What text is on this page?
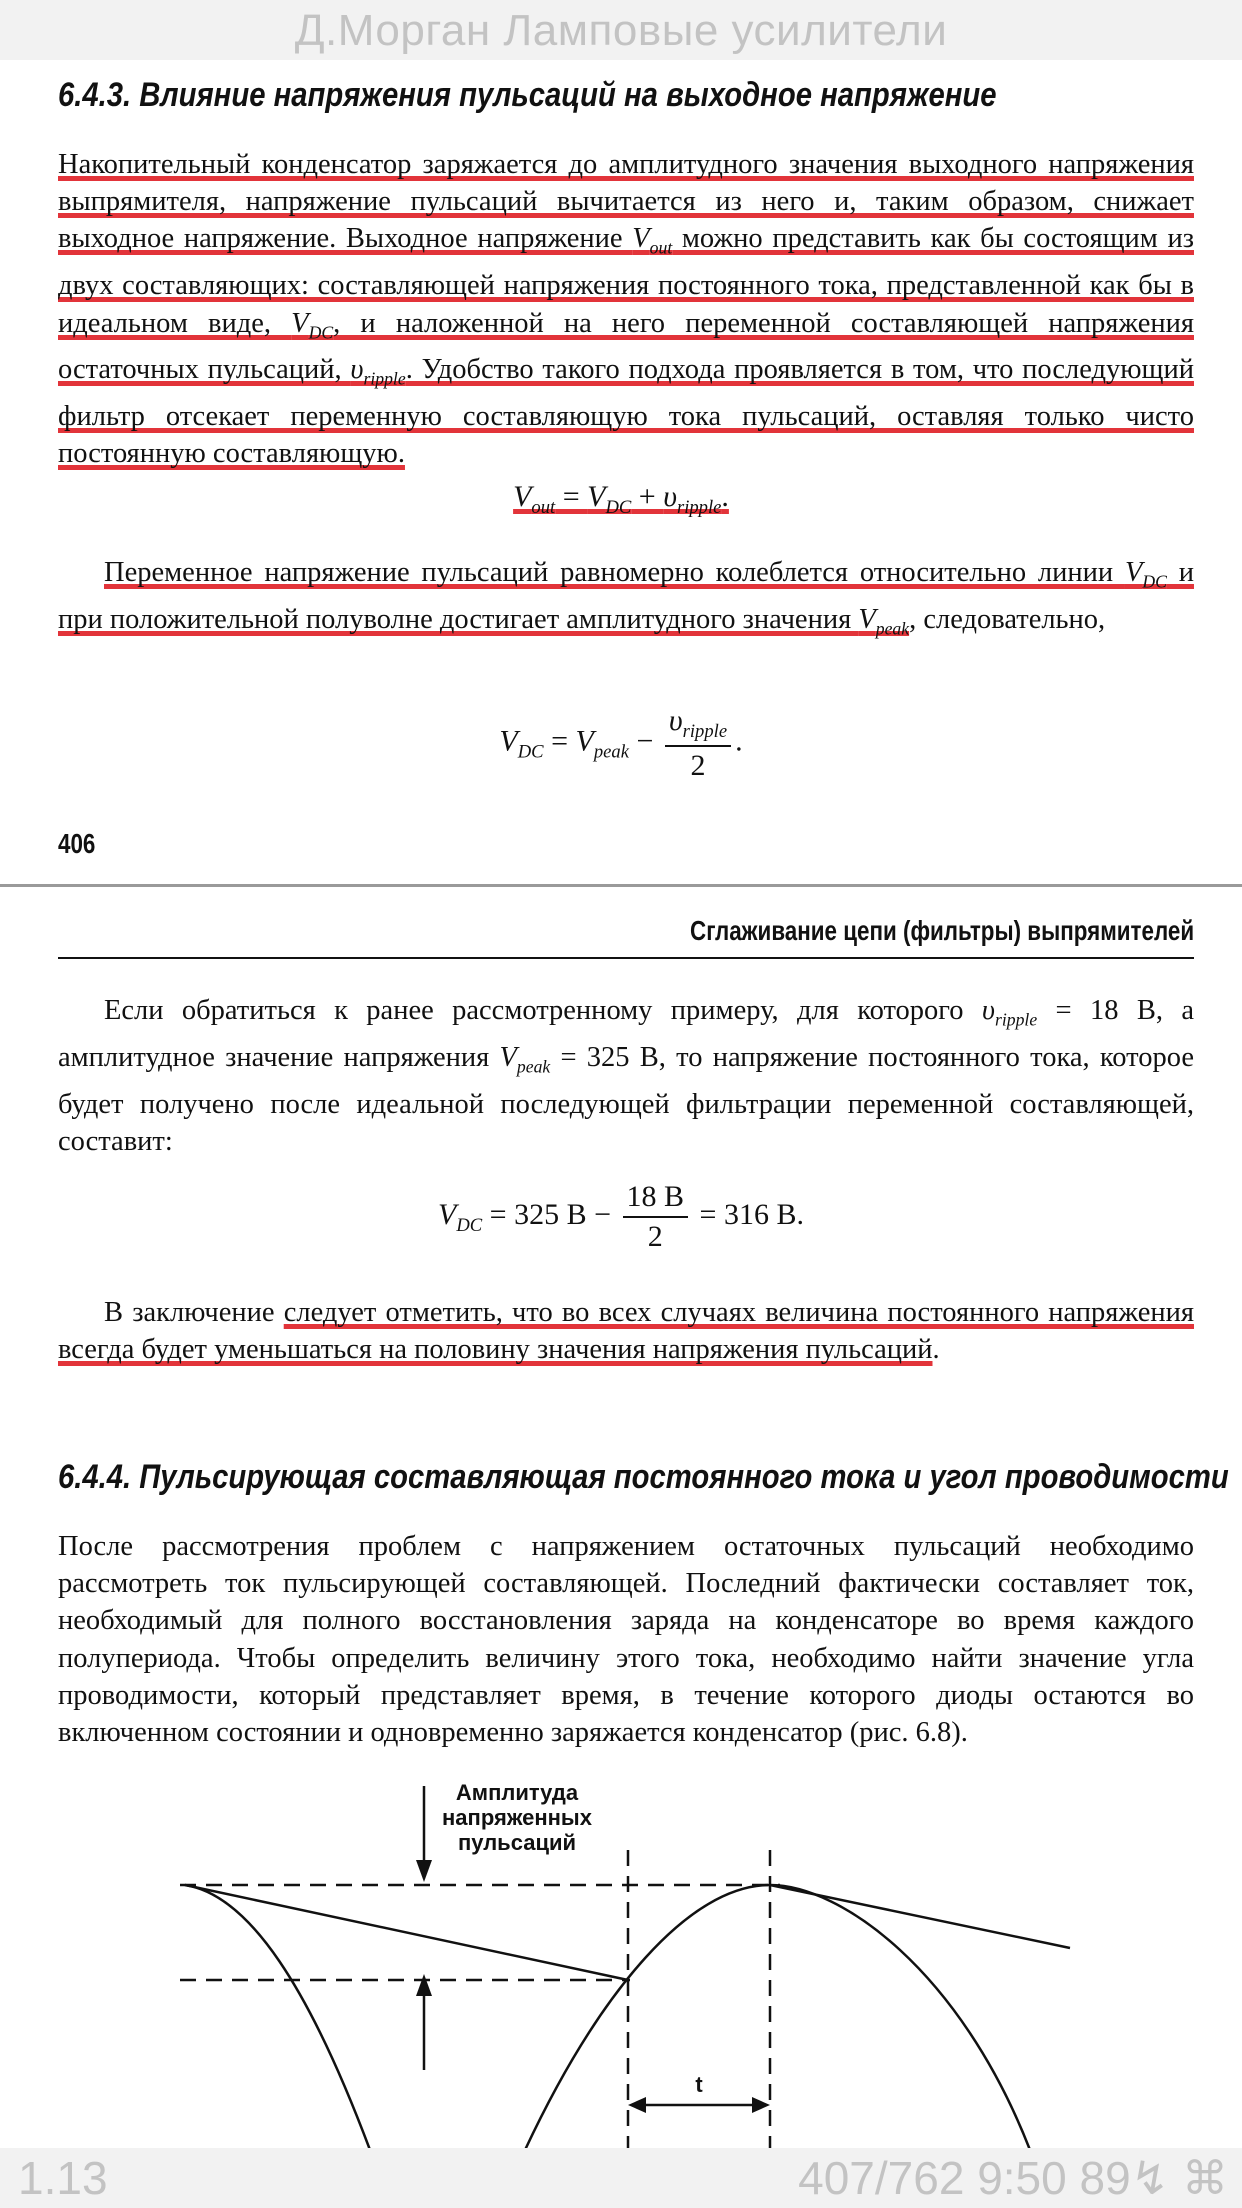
Д.Морган Ламповые усилители
6.4.3. Влияние напряжения пульсаций на выходное напряжение

Накопительный конденсатор заряжается до амплитудного значения выходного напряжения выпрямителя, напряжение пульсаций вычитается из него и, таким образом, снижает выходное напряжение. Выходное напряжение $V_{out}$ можно представить как бы состоящим из двух составляющих: составляющей напряжения постоянного тока, представленной как бы в идеальном виде, $V_{DC}$, и наложенной на него переменной составляющей напряжения остаточных пульсаций, $\upsilon_{ripple}$. Удобство такого подхода проявляется в том, что последующий фильтр отсекает переменную составляющую тока пульсаций, оставляя только чисто постоянную составляющую.

$V_{out} = V_{DC} + \upsilon_{ripple}$.

Переменное напряжение пульсаций равномерно колеблется относительно линии $V_{DC}$ и при положительной полуволне достигает амплитудного значения $V_{peak}$, следовательно,

$V_{DC} = V_{peak} - \frac{\upsilon_{ripple}}{2}$ .
406
Сглаживание цепи (фильтры) выпрямителей

Если обратиться к ранее рассмотренному примеру, для которого $\upsilon_{ripple} = 18$ В, а амплитудное значение напряжения $V_{peak} = 325$ В, то напряжение постоянного тока, которое будет получено после идеальной последующей фильтрации переменной составляющей, составит:

$V_{DC} = 325$ $В - \frac{18 В}{2} = 316$ В.

В заключение следует отметить, что во всех случаях величина постоянного напряжения всегда будет уменьшаться на половину значения напряжения пульсаций.

6.4.4. Пульсирующая составляющая постоянного тока и угол проводимости

После рассмотрения проблем с напряжением остаточных пульсаций необходимо рассмотреть ток пульсирующей составляющей. Последний фактически составляет ток, необходимый для полного восстановления заряда на конденсаторе во время каждого полупериода. Чтобы определить величину этого тока, необходимо найти значение угла проводимости, который представляет время, в течение которого диоды остаются во включенном состоянии и одновременно заряжается конденсатор (рис. 6.8).

Амплитуда
напряженных
пульсаций
t
1.13	407/762 9:50 89↯ ⌘
